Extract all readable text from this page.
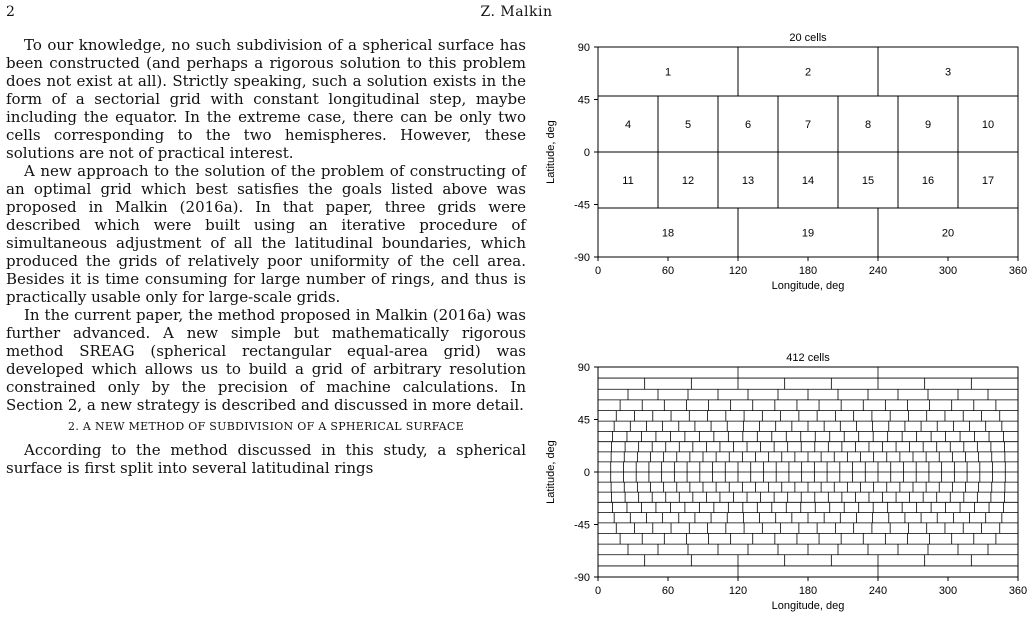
2	Z. Malkin

To our knowledge, no such subdivision of a spherical surface has been constructed (and perhaps a rigorous solution to this problem does not exist at all). Strictly speaking, such a solution exists in the form of a sectorial grid with constant longitudinal step, maybe including the equator. In the extreme case, there can be only two cells corresponding to the two hemispheres. However, these solutions are not of practical interest.

A new approach to the solution of the problem of constructing of an optimal grid which best satisfies the goals listed above was proposed in Malkin (2016a). In that paper, three grids were described which were built using an iterative procedure of simultaneous adjustment of all the latitudinal boundaries, which produced the grids of relatively poor uniformity of the cell area. Besides it is time consuming for large number of rings, and thus is practically usable only for large-scale grids.

In the current paper, the method proposed in Malkin (2016a) was further advanced. A new simple but mathematically rigorous method SREAG (spherical rectangular equal-area grid) was developed which allows us to build a grid of arbitrary resolution constrained only by the precision of machine calculations. In Section 2, a new strategy is described and discussed in more detail.

2. A NEW METHOD OF SUBDIVISION OF A SPHERICAL SURFACE

According to the method discussed in this study, a spherical surface is first split into several latitudinal rings

20 cells
0	60	120	180	240	300	360
90
45
0
-45
-90
Longitude, deg
Latitude, deg
1	2	3
4	5	6	7	8	9	10
11	12	13	14	15	16	17
18	19	20
412 cells
0	60	120	180	240	300	360
90
45
0
-45
-90
Longitude, deg
Latitude, deg
